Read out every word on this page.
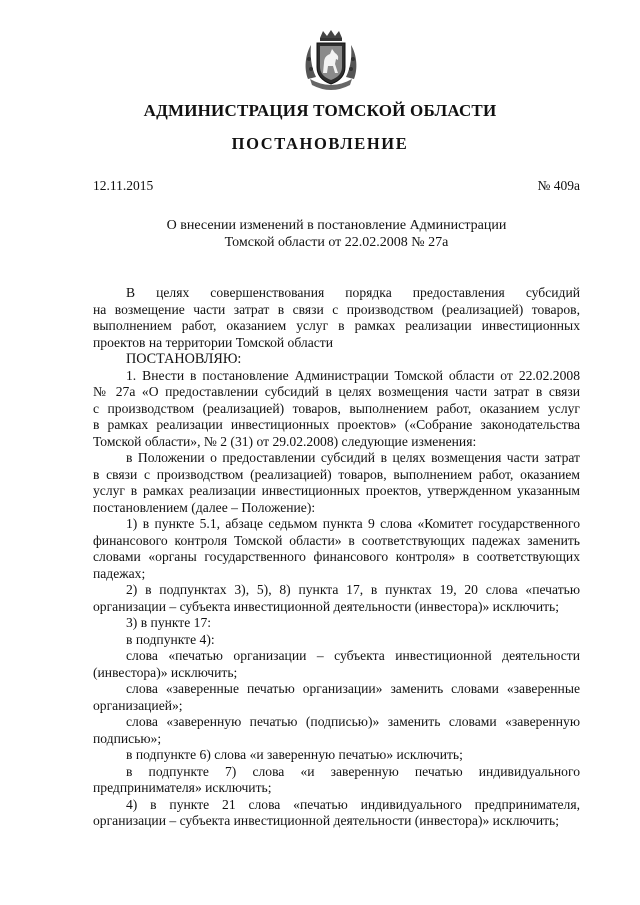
АДМИНИСТРАЦИЯ ТОМСКОЙ ОБЛАСТИ
ПОСТАНОВЛЕНИЕ
12.11.2015	№ 409а
О внесении изменений в постановление Администрации
Томской области от 22.02.2008 № 27а
В целях совершенствования порядка предоставления субсидий
на возмещение части затрат в связи с производством (реализацией) товаров,
выполнением работ, оказанием услуг в рамках реализации инвестиционных
проектов на территории Томской области
ПОСТАНОВЛЯЮ:
1. Внести в постановление Администрации Томской области от 22.02.2008
№ 27а «О предоставлении субсидий в целях возмещения части затрат в связи
с производством (реализацией) товаров, выполнением работ, оказанием услуг
в рамках реализации инвестиционных проектов» («Собрание законодательства
Томской области», № 2 (31) от 29.02.2008) следующие изменения:
в Положении о предоставлении субсидий в целях возмещения части затрат
в связи с производством (реализацией) товаров, выполнением работ, оказанием
услуг в рамках реализации инвестиционных проектов, утвержденном указанным
постановлением (далее – Положение):
1) в пункте 5.1, абзаце седьмом пункта 9 слова «Комитет государственного
финансового контроля Томской области» в соответствующих падежах заменить
словами «органы государственного финансового контроля» в соответствующих
падежах;
2) в подпунктах 3), 5), 8) пункта 17, в пунктах 19, 20 слова «печатью
организации – субъекта инвестиционной деятельности (инвестора)» исключить;
3) в пункте 17:
в подпункте 4):
слова «печатью организации – субъекта инвестиционной деятельности
(инвестора)» исключить;
слова «заверенные печатью организации» заменить словами «заверенные
организацией»;
слова «заверенную печатью (подписью)» заменить словами «заверенную
подписью»;
в подпункте 6) слова «и заверенную печатью» исключить;
в подпункте 7) слова «и заверенную печатью индивидуального
предпринимателя» исключить;
4) в пункте 21 слова «печатью индивидуального предпринимателя,
организации – субъекта инвестиционной деятельности (инвестора)» исключить;
